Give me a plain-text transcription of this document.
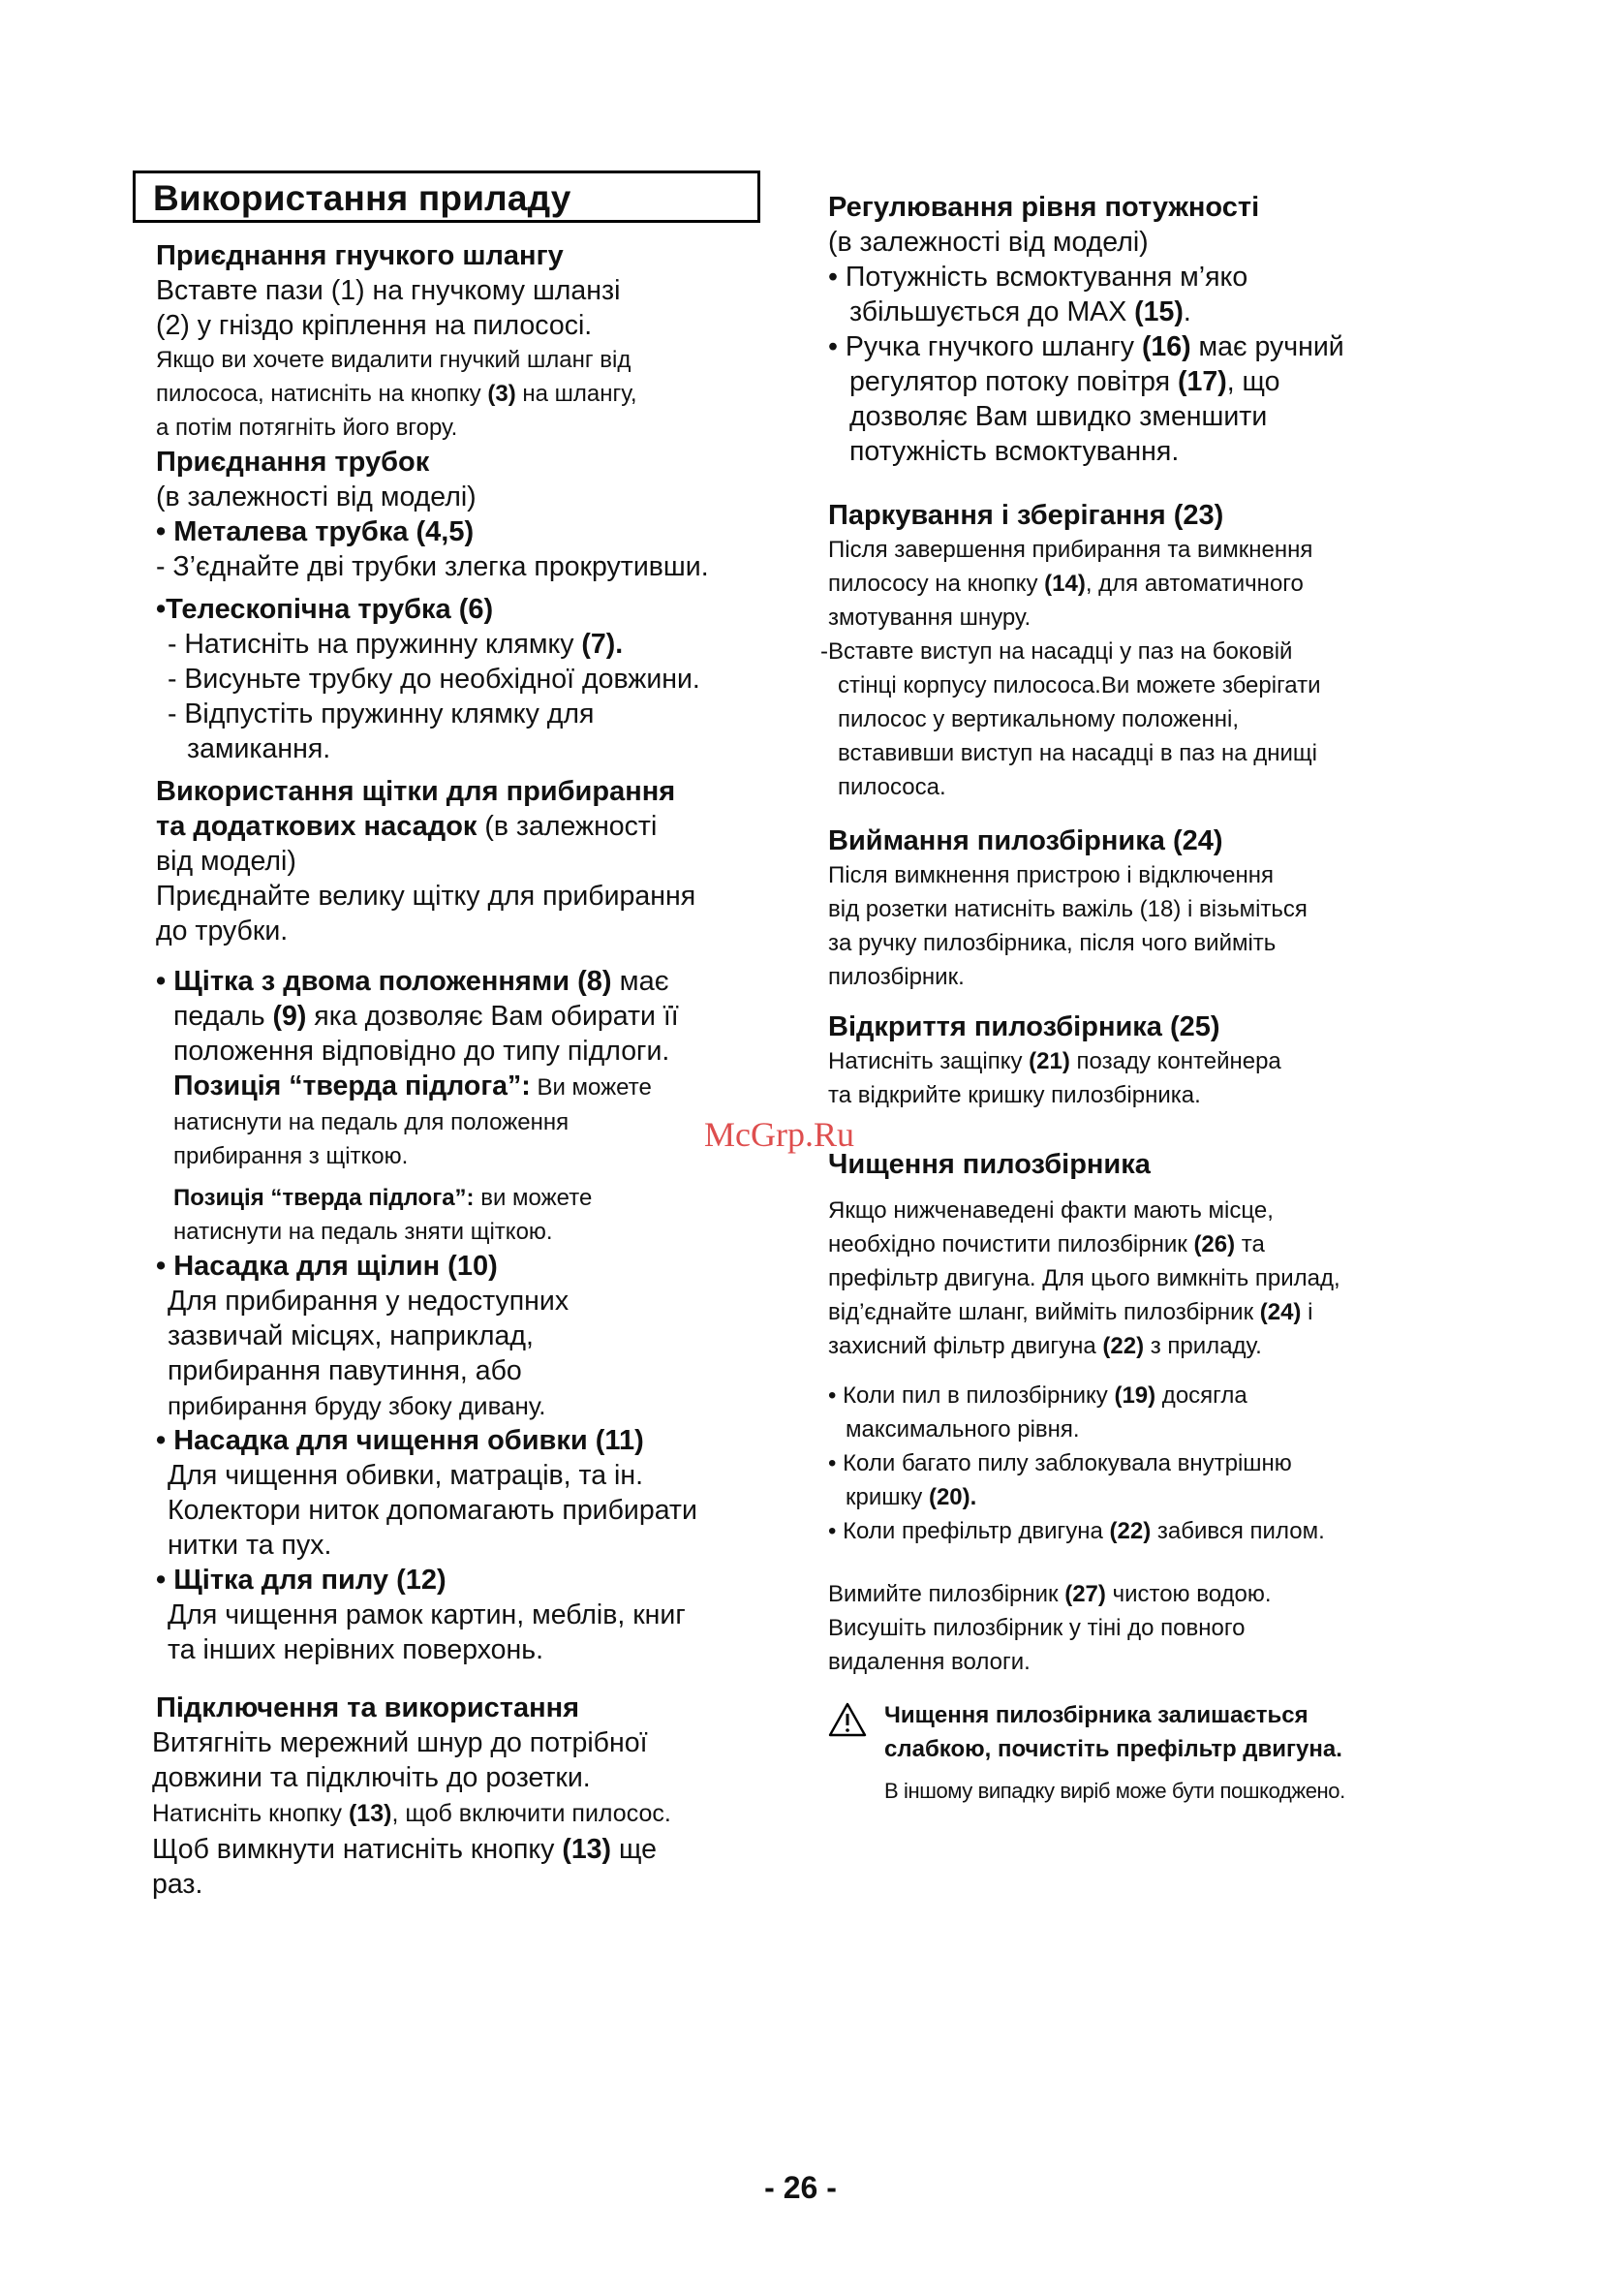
Використання приладу
Приєднання гнучкого шлангу
Вставте пази (1) на гнучкому шланзі
(2) у гніздо кріплення на пилососі.
Якщо ви хочете видалити гнучкий шланг від
пилососа, натисніть на кнопку (3) на шлангу,
а потім потягніть його вгору.
Приєднання трубок
(в залежності від моделі)
• Металева трубка (4,5)
- З’єднайте дві трубки злегка прокрутивши.
•Телескопічна трубка (6)
- Натисніть на пружинну клямку (7).
- Висуньте трубку до необхідної довжини.
- Відпустіть пружинну клямку для
замикання.
Використання щітки для прибирання
та додаткових насадок (в залежності
від моделі)
Приєднайте велику щітку для прибирання
до трубки.
• Щітка з двома положеннями (8) має
педаль (9) яка дозволяє Вам обирати її
положення відповідно до типу підлоги.
Позиція “тверда підлога”: Ви можете
натиснути на педаль для положення
прибирання з щіткою.
Позиція “тверда підлога”: ви можете
натиснути на педаль зняти щіткою.
• Насадка для щілин (10)
Для прибирання у недоступних
зазвичай місцях, наприклад,
прибирання павутиння, або
прибирання бруду збоку дивану.
• Насадка для чищення обивки (11)
Для чищення обивки, матраців, та ін.
Колектори ниток допомагають прибирати
нитки та пух.
• Щітка для пилу (12)
Для чищення рамок картин, меблів, книг
та інших нерівних поверхонь.
Підключення та використання
Витягніть мережний шнур до потрібної
довжини та підключіть до розетки.
Натисніть кнопку (13), щоб включити пилосос.
Щоб вимкнути натисніть кнопку (13) ще
раз.
Регулювання рівня потужності
(в залежності від моделі)
• Потужність всмоктування м’яко
збільшується до MAX (15).
• Ручка гнучкого шлангу (16) має ручний
регулятор потоку повітря (17), що
дозволяє Вам швидко зменшити
потужність всмоктування.
Паркування і зберігання (23)
Після завершення прибирання та вимкнення
пилососу на кнопку (14), для автоматичного
змотування шнуру.
-Вставте виступ на насадці у паз на боковій
стінці корпусу пилососа.Ви можете зберігати
пилосос у вертикальному положенні,
вставивши виступ на насадці в паз на днищі
пилососа.
Виймання пилозбірника (24)
Після вимкнення пристрою і відключення
від розетки натисніть важіль (18) і візьміться
за ручку пилозбірника, після чого вийміть
пилозбірник.
Відкриття пилозбірника (25)
Натисніть защіпку (21) позаду контейнера
та відкрийте кришку пилозбірника.
Чищення пилозбірника
Якщо нижченаведені факти мають місце,
необхідно почистити пилозбірник (26) та
префільтр двигуна. Для цього вимкніть прилад,
від’єднайте шланг, вийміть пилозбірник (24) і
захисний фільтр двигуна (22) з приладу.
• Коли пил в пилозбірнику (19) досягла
максимального рівня.
• Коли багато пилу заблокувала внутрішню
кришку (20).
• Коли префільтр двигуна (22) забився пилом.
Вимийте пилозбірник (27) чистою водою.
Висушіть пилозбірник у тіні до повного
видалення вологи.
Чищення пилозбірника залишається
слабкою, почистіть префільтр двигуна.
В іншому випадку виріб може бути пошкоджено.
McGrp.Ru
- 26 -
